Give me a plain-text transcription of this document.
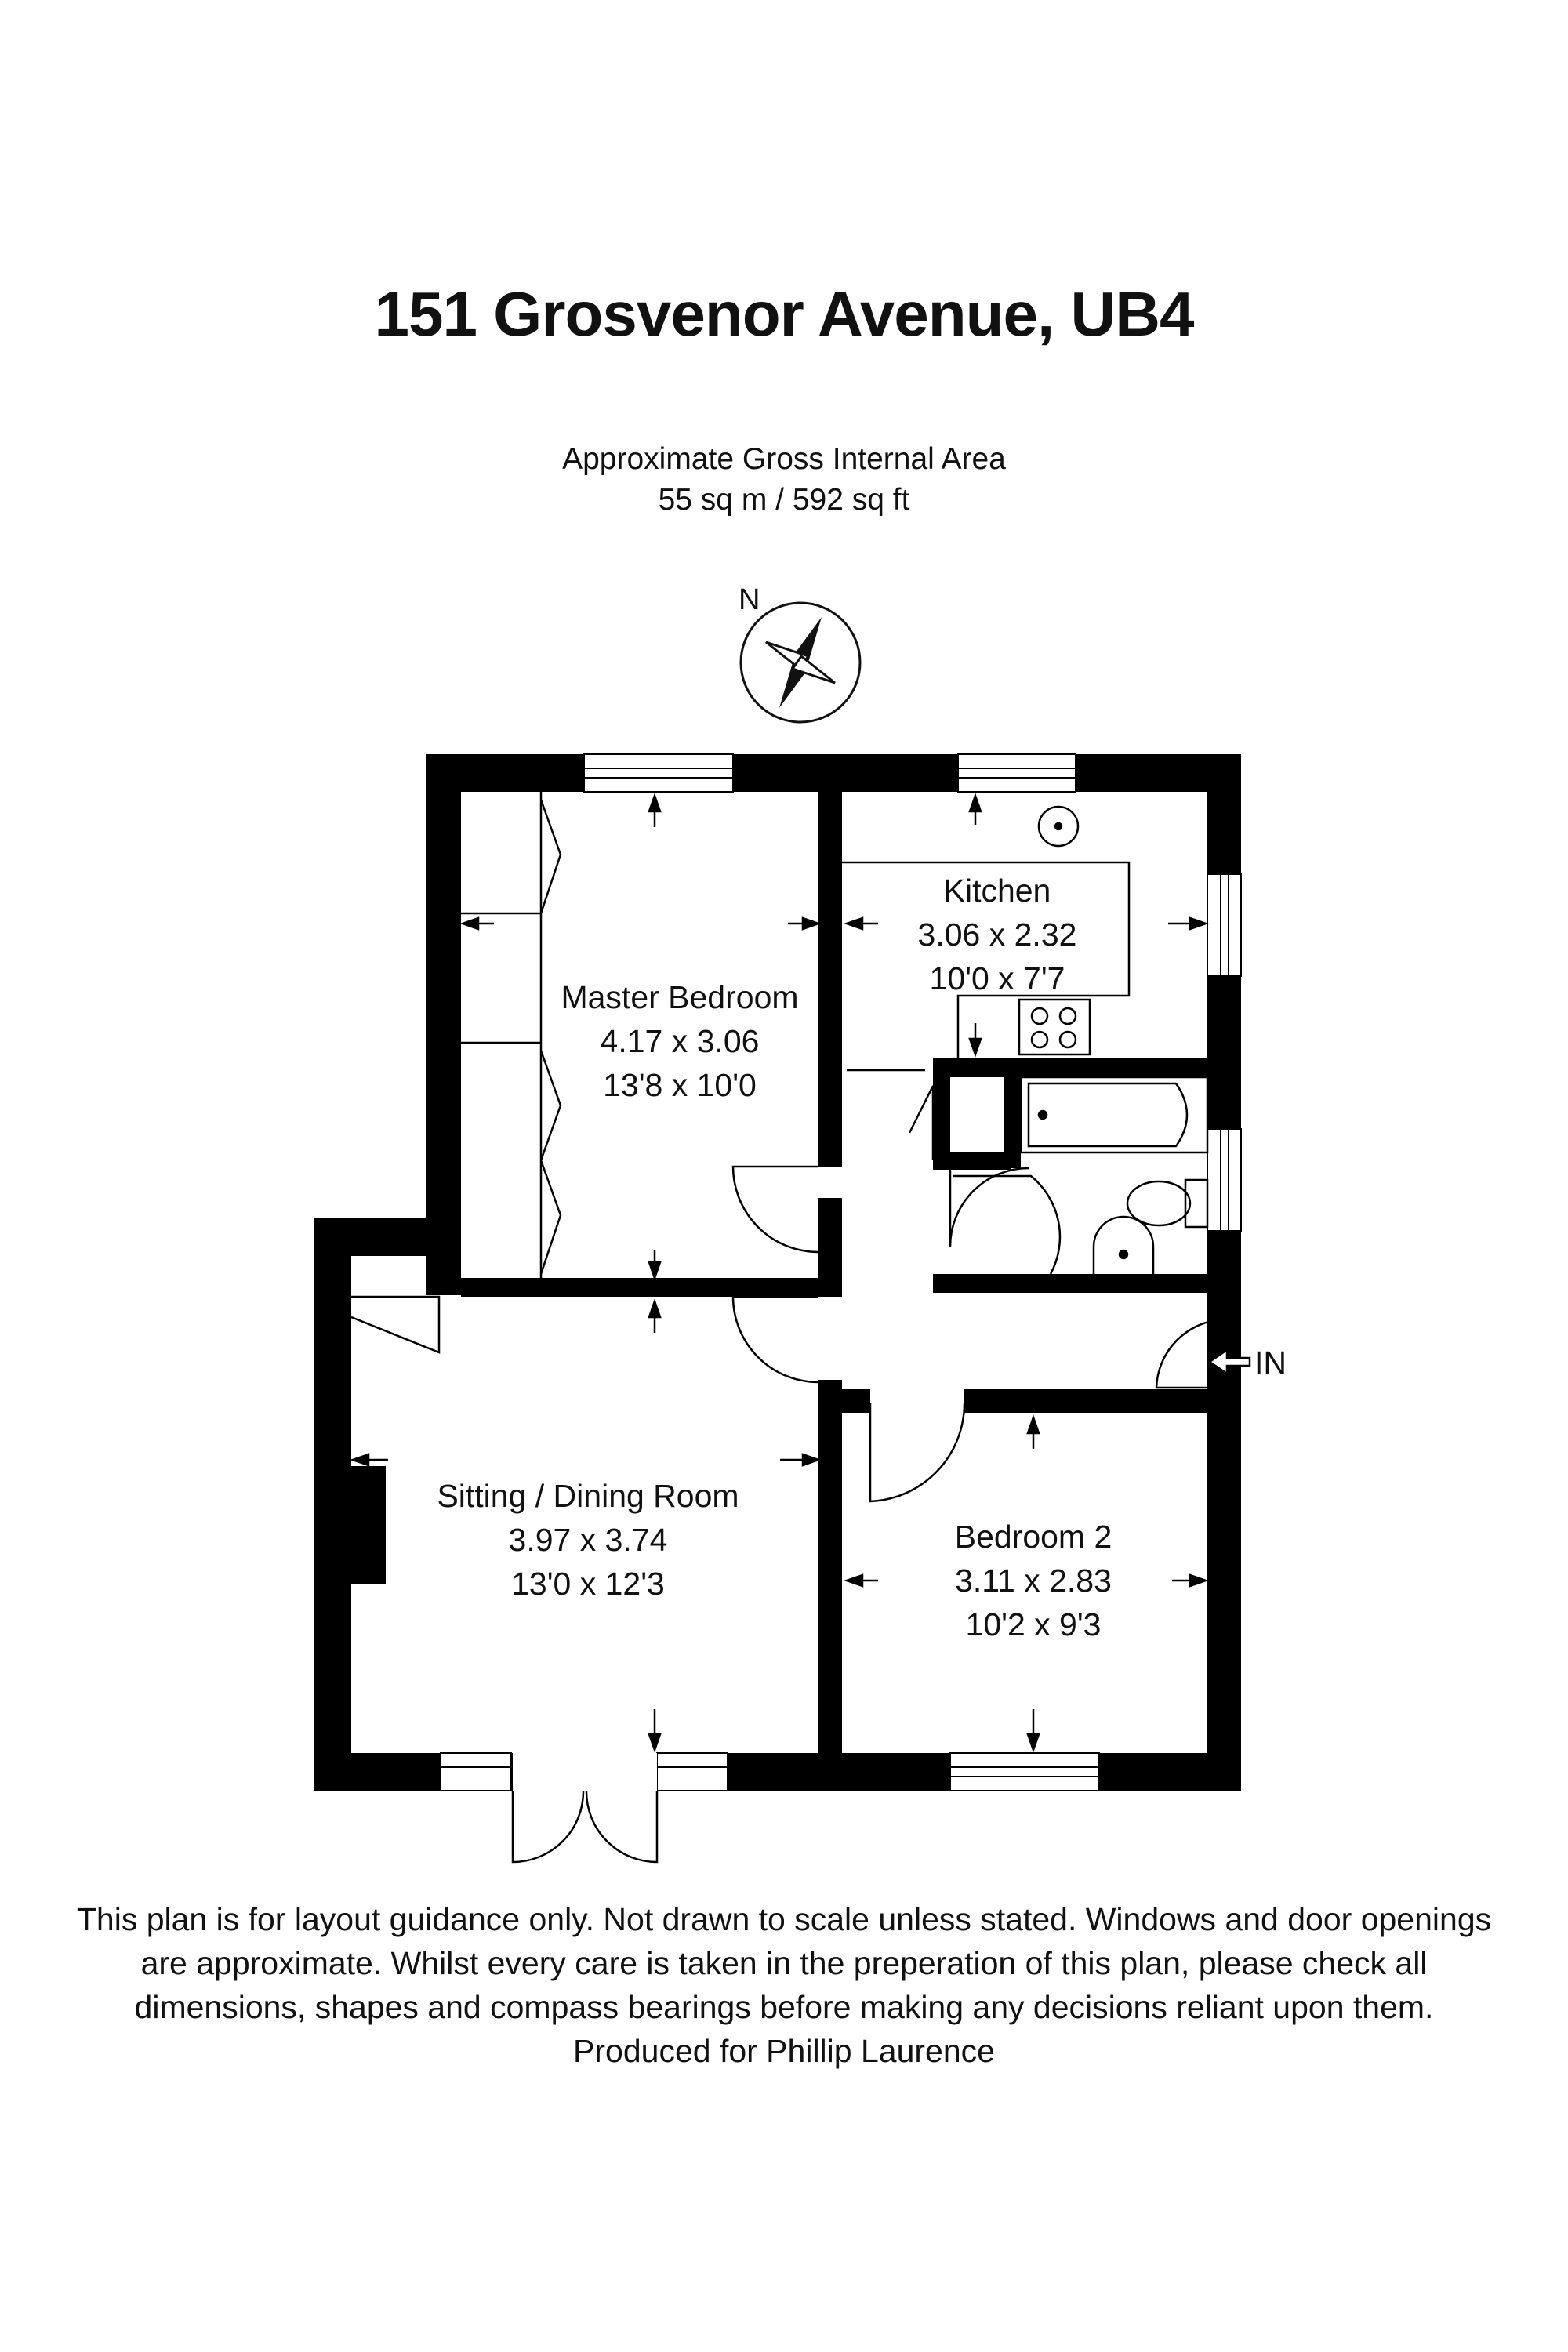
151 Grosvenor Avenue, UB4
Approximate Gross Internal Area
55 sq m / 592 sq ft
N
IN
Master Bedroom
4.17 x 3.06
13'8 x 10'0
Kitchen
3.06 x 2.32
10'0 x 7'7
Sitting / Dining Room
3.97 x 3.74
13'0 x 12'3
Bedroom 2
3.11 x 2.83
10'2 x 9'3
This plan is for layout guidance only. Not drawn to scale unless stated. Windows and door openings
are approximate. Whilst every care is taken in the preperation of this plan, please check all
dimensions, shapes and compass bearings before making any decisions reliant upon them.
Produced for Phillip Laurence
